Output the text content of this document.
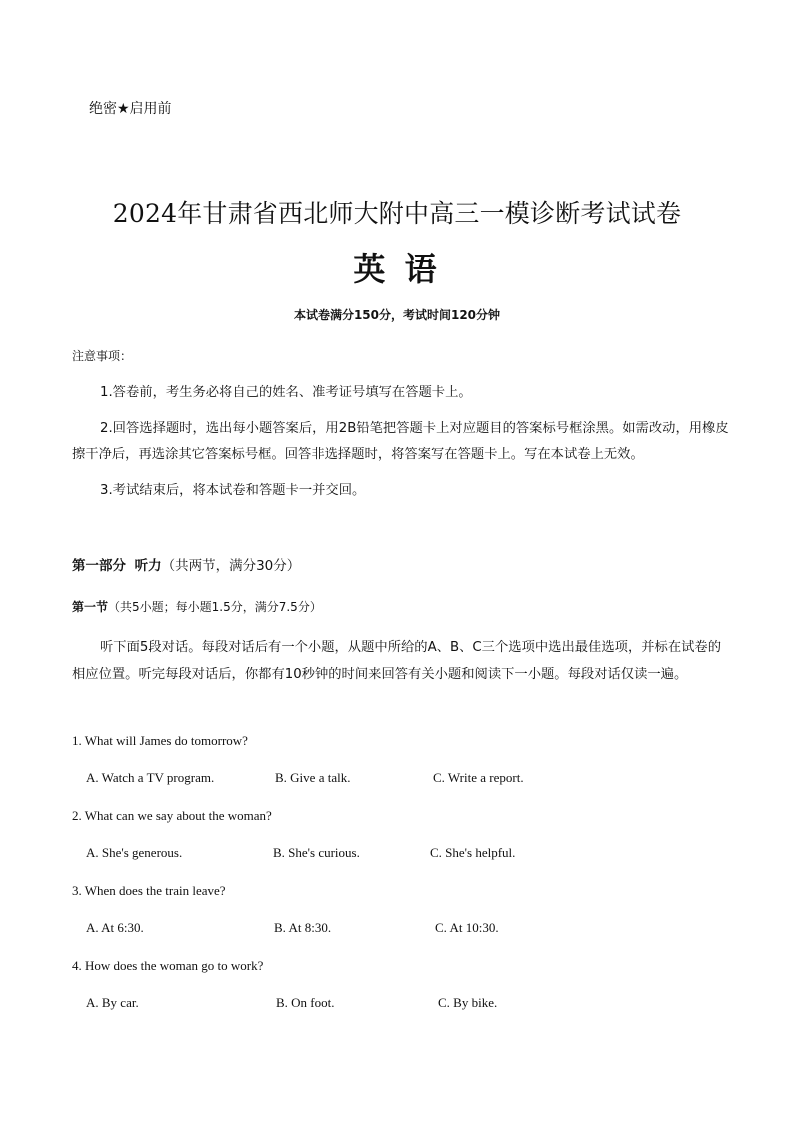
绝密★启用前
2024年甘肃省西北师大附中高三一模诊断考试试卷
英 语
本试卷满分150分，考试时间120分钟
注意事项：
1.答卷前，考生务必将自己的姓名、准考证号填写在答题卡上。
2.回答选择题时，选出每小题答案后，用2B铅笔把答题卡上对应题目的答案标号框涂黑。如需改动，用橡皮擦干净后，再选涂其它答案标号框。回答非选择题时，将答案写在答题卡上。写在本试卷上无效。
3.考试结束后，将本试卷和答题卡一并交回。
第一部分 听力（共两节，满分30分）
第一节（共5小题；每小题1.5分，满分7.5分）
听下面5段对话。每段对话后有一个小题，从题中所给的A、B、C三个选项中选出最佳选项，并标在试卷的相应位置。听完每段对话后，你都有10秒钟的时间来回答有关小题和阅读下一小题。每段对话仅读一遍。
1. What will James do tomorrow?
A. Watch a TV program.	B. Give a talk.	C. Write a report.
2. What can we say about the woman?
A. She's generous.	B. She's curious.	C. She's helpful.
3. When does the train leave?
A. At 6:30.	B. At 8:30.	C. At 10:30.
4. How does the woman go to work?
A. By car.	B. On foot.	C. By bike.
